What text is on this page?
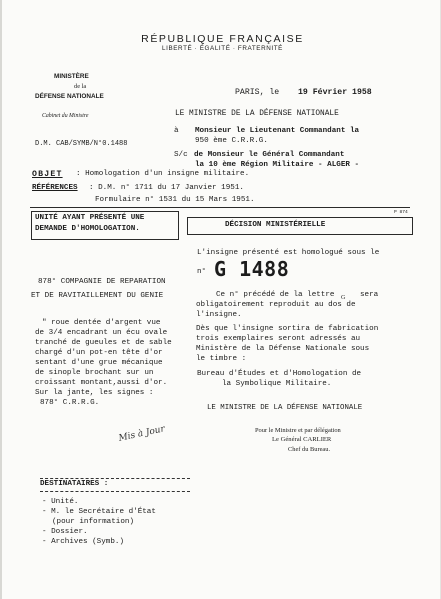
RÉPUBLIQUE FRANÇAISE
LIBERTÉ · ÉGALITÉ · FRATERNITÉ
MINISTÈRE
de la
DÉFENSE NATIONALE
Cabinet du Ministre
D.M. CAB/SYMB/N°0.1488
PARIS, le 19 Février 1958
LE MINISTRE DE LA DÉFENSE NATIONALE
à Monsieur le Lieutenant Commandant la
950 ème C.R.R.G.
S/c de Monsieur le Général Commandant
la 10 ème Région Militaire - ALGER -
OBJET : Homologation d'un insigne militaire.
RÉFÉRENCES : D.M. n° 1711 du 17 Janvier 1951.
Formulaire n° 1531 du 15 Mars 1951.
UNITÉ AYANT PRÉSENTÉ UNE
DEMANDE D'HOMOLOGATION.
P 874
DÉCISION MINISTÉRIELLE
878° COMPAGNIE DE REPARATION
ET DE RAVITAILLEMENT DU GENIE
" roue dentée d'argent vue
de 3/4 encadrant un écu ovale
tranché de gueules et de sable
chargé d'un pot-en tête d'or
sentant d'une grue mécanique
de sinople brochant sur un
croissant montant,aussi d'or.
Sur la jante, les signes :
878° C.R.R.G.
Mis à Jour
L'insigne présenté est homologué sous le
n° G 1488
Ce n° précédé de la lettre G sera
obligatoirement reproduit au dos de
l'insigne.
Dès que l'insigne sortira de fabrication
trois exemplaires seront adressés au
Ministère de la Défense Nationale sous
le timbre :
Bureau d'Études et d'Homologation de
la Symbolique Militaire.
LE MINISTRE DE LA DÉFENSE NATIONALE
Pour le Ministre et par délégation
Le Général CARLIER
Chef du Bureau.
DESTINATAIRES :
- Unité.
- M. le Secrétaire d'État
(pour information)
- Dossier.
- Archives (Symb.)
